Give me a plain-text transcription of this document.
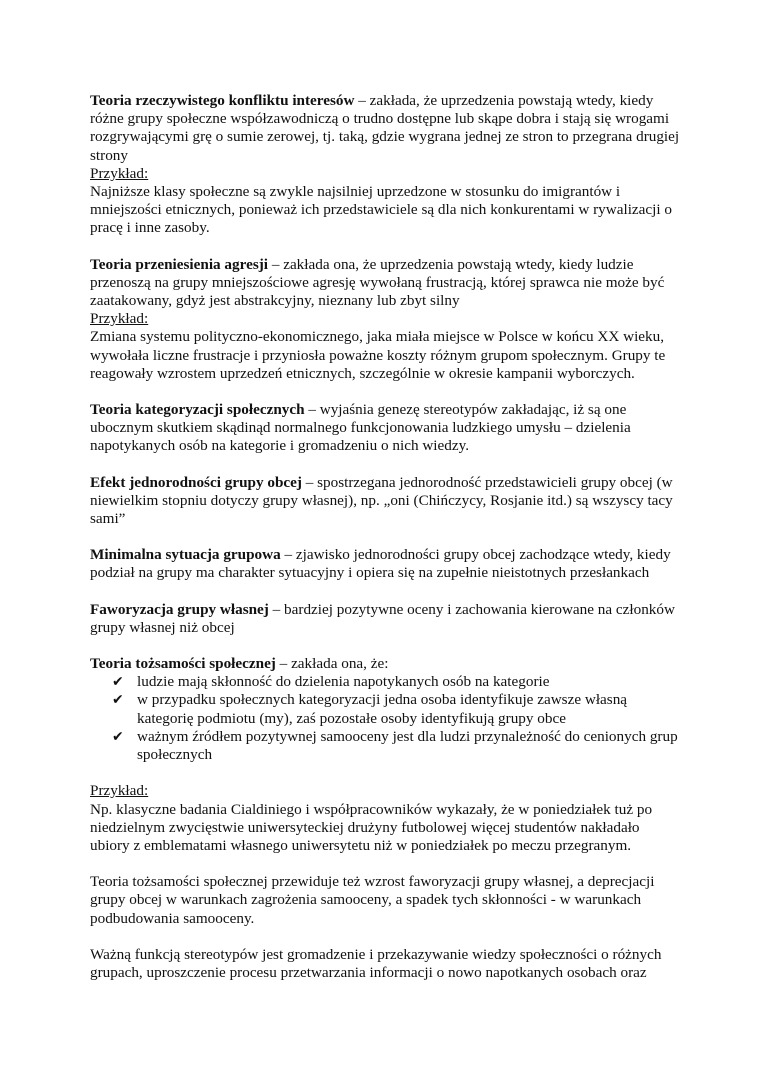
Teoria rzeczywistego konfliktu interesów – zakłada, że uprzedzenia powstają wtedy, kiedy różne grupy społeczne współzawodniczą o trudno dostępne lub skąpe dobra i stają się wrogami rozgrywającymi grę o sumie zerowej, tj. taką, gdzie wygrana jednej ze stron to przegrana drugiej strony

Przykład:

Najniższe klasy społeczne są zwykle najsilniej uprzedzone w stosunku do imigrantów i mniejszości etnicznych, ponieważ ich przedstawiciele są dla nich konkurentami w rywalizacji o pracę i inne zasoby.

Teoria przeniesienia agresji – zakłada ona, że uprzedzenia powstają wtedy, kiedy ludzie przenoszą na grupy mniejszościowe agresję wywołaną frustracją, której sprawca nie może być zaatakowany, gdyż jest abstrakcyjny, nieznany lub zbyt silny

Przykład:

Zmiana systemu polityczno-ekonomicznego, jaka miała miejsce w Polsce w końcu XX wieku, wywołała liczne frustracje i przyniosła poważne koszty różnym grupom społecznym. Grupy te reagowały wzrostem uprzedzeń etnicznych, szczególnie w okresie kampanii wyborczych.

Teoria kategoryzacji społecznych – wyjaśnia genezę stereotypów zakładając, iż są one ubocznym skutkiem skądinąd normalnego funkcjonowania ludzkiego umysłu – dzielenia napotykanych osób na kategorie i gromadzeniu o nich wiedzy.

Efekt jednorodności grupy obcej – spostrzegana jednorodność przedstawicieli grupy obcej (w niewielkim stopniu dotyczy grupy własnej), np. „oni (Chińczycy, Rosjanie itd.) są wszyscy tacy sami”

Minimalna sytuacja grupowa – zjawisko jednorodności grupy obcej zachodzące wtedy, kiedy podział na grupy ma charakter sytuacyjny i opiera się na zupełnie nieistotnych przesłankach

Faworyzacja grupy własnej – bardziej pozytywne oceny i zachowania kierowane na członków grupy własnej niż obcej

Teoria tożsamości społecznej – zakłada ona, że:

✔ ludzie mają skłonność do dzielenia napotykanych osób na kategorie
✔ w przypadku społecznych kategoryzacji jedna osoba identyfikuje zawsze własną kategorię podmiotu (my), zaś pozostałe osoby identyfikują grupy obce
✔ ważnym źródłem pozytywnej samooceny jest dla ludzi przynależność do cenionych grup społecznych

Przykład:

Np. klasyczne badania Cialdiniego i współpracowników wykazały, że w poniedziałek tuż po niedzielnym zwycięstwie uniwersyteckiej drużyny futbolowej więcej studentów nakładało ubiory z emblematami własnego uniwersytetu niż w poniedziałek po meczu przegranym.

Teoria tożsamości społecznej przewiduje też wzrost faworyzacji grupy własnej, a deprecjacji grupy obcej w warunkach zagrożenia samooceny, a spadek tych skłonności - w warunkach podbudowania samooceny.

Ważną funkcją stereotypów jest gromadzenie i przekazywanie wiedzy społeczności o różnych grupach, uproszczenie procesu przetwarzania informacji o nowo napotkanych osobach oraz
